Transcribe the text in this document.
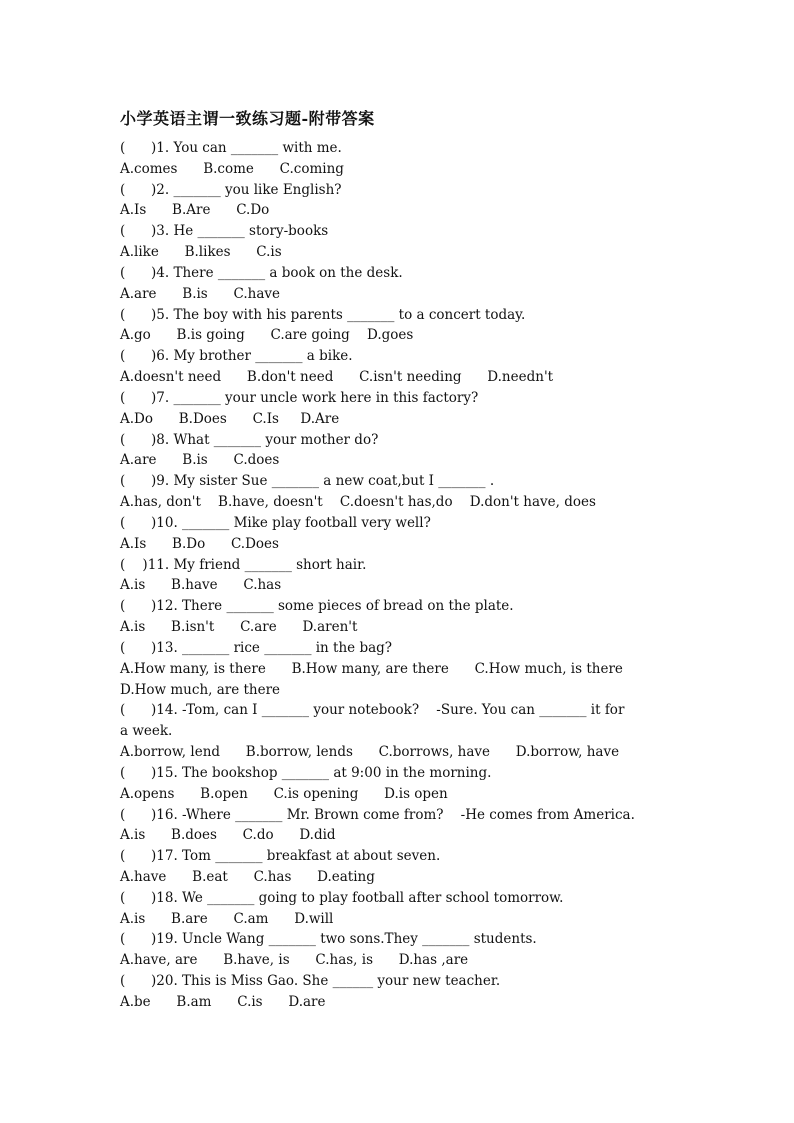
小学英语主谓一致练习题-附带答案
(      )1. You can _______ with me.
A.comes      B.come      C.coming
(      )2. _______ you like English?
A.Is      B.Are      C.Do
(      )3. He _______ story-books
A.like      B.likes      C.is
(      )4. There _______ a book on the desk.
A.are      B.is      C.have
(      )5. The boy with his parents _______ to a concert today.
A.go      B.is going      C.are going    D.goes
(      )6. My brother _______ a bike.
A.doesn't need      B.don't need      C.isn't needing      D.needn't
(      )7. _______ your uncle work here in this factory?
A.Do      B.Does      C.Is     D.Are
(      )8. What _______ your mother do?
A.are      B.is      C.does
(      )9. My sister Sue _______ a new coat,but I _______ .
A.has, don't    B.have, doesn't    C.doesn't has,do    D.don't have, does
(      )10. _______ Mike play football very well?
A.Is      B.Do      C.Does
(    )11. My friend _______ short hair.
A.is      B.have      C.has
(      )12. There _______ some pieces of bread on the plate.
A.is      B.isn't      C.are      D.aren't
(      )13. _______ rice _______ in the bag?
A.How many, is there      B.How many, are there      C.How much, is there
D.How much, are there
(      )14. -Tom, can I _______ your notebook?    -Sure. You can _______ it for
a week.
A.borrow, lend      B.borrow, lends      C.borrows, have      D.borrow, have
(      )15. The bookshop _______ at 9:00 in the morning.
A.opens      B.open      C.is opening      D.is open
(      )16. -Where _______ Mr. Brown come from?    -He comes from America.
A.is      B.does      C.do      D.did
(      )17. Tom _______ breakfast at about seven.
A.have      B.eat      C.has      D.eating
(      )18. We _______ going to play football after school tomorrow.
A.is      B.are      C.am      D.will
(      )19. Uncle Wang _______ two sons.They _______ students.
A.have, are      B.have, is      C.has, is      D.has ,are
(      )20. This is Miss Gao. She ______ your new teacher.
A.be      B.am      C.is      D.are
